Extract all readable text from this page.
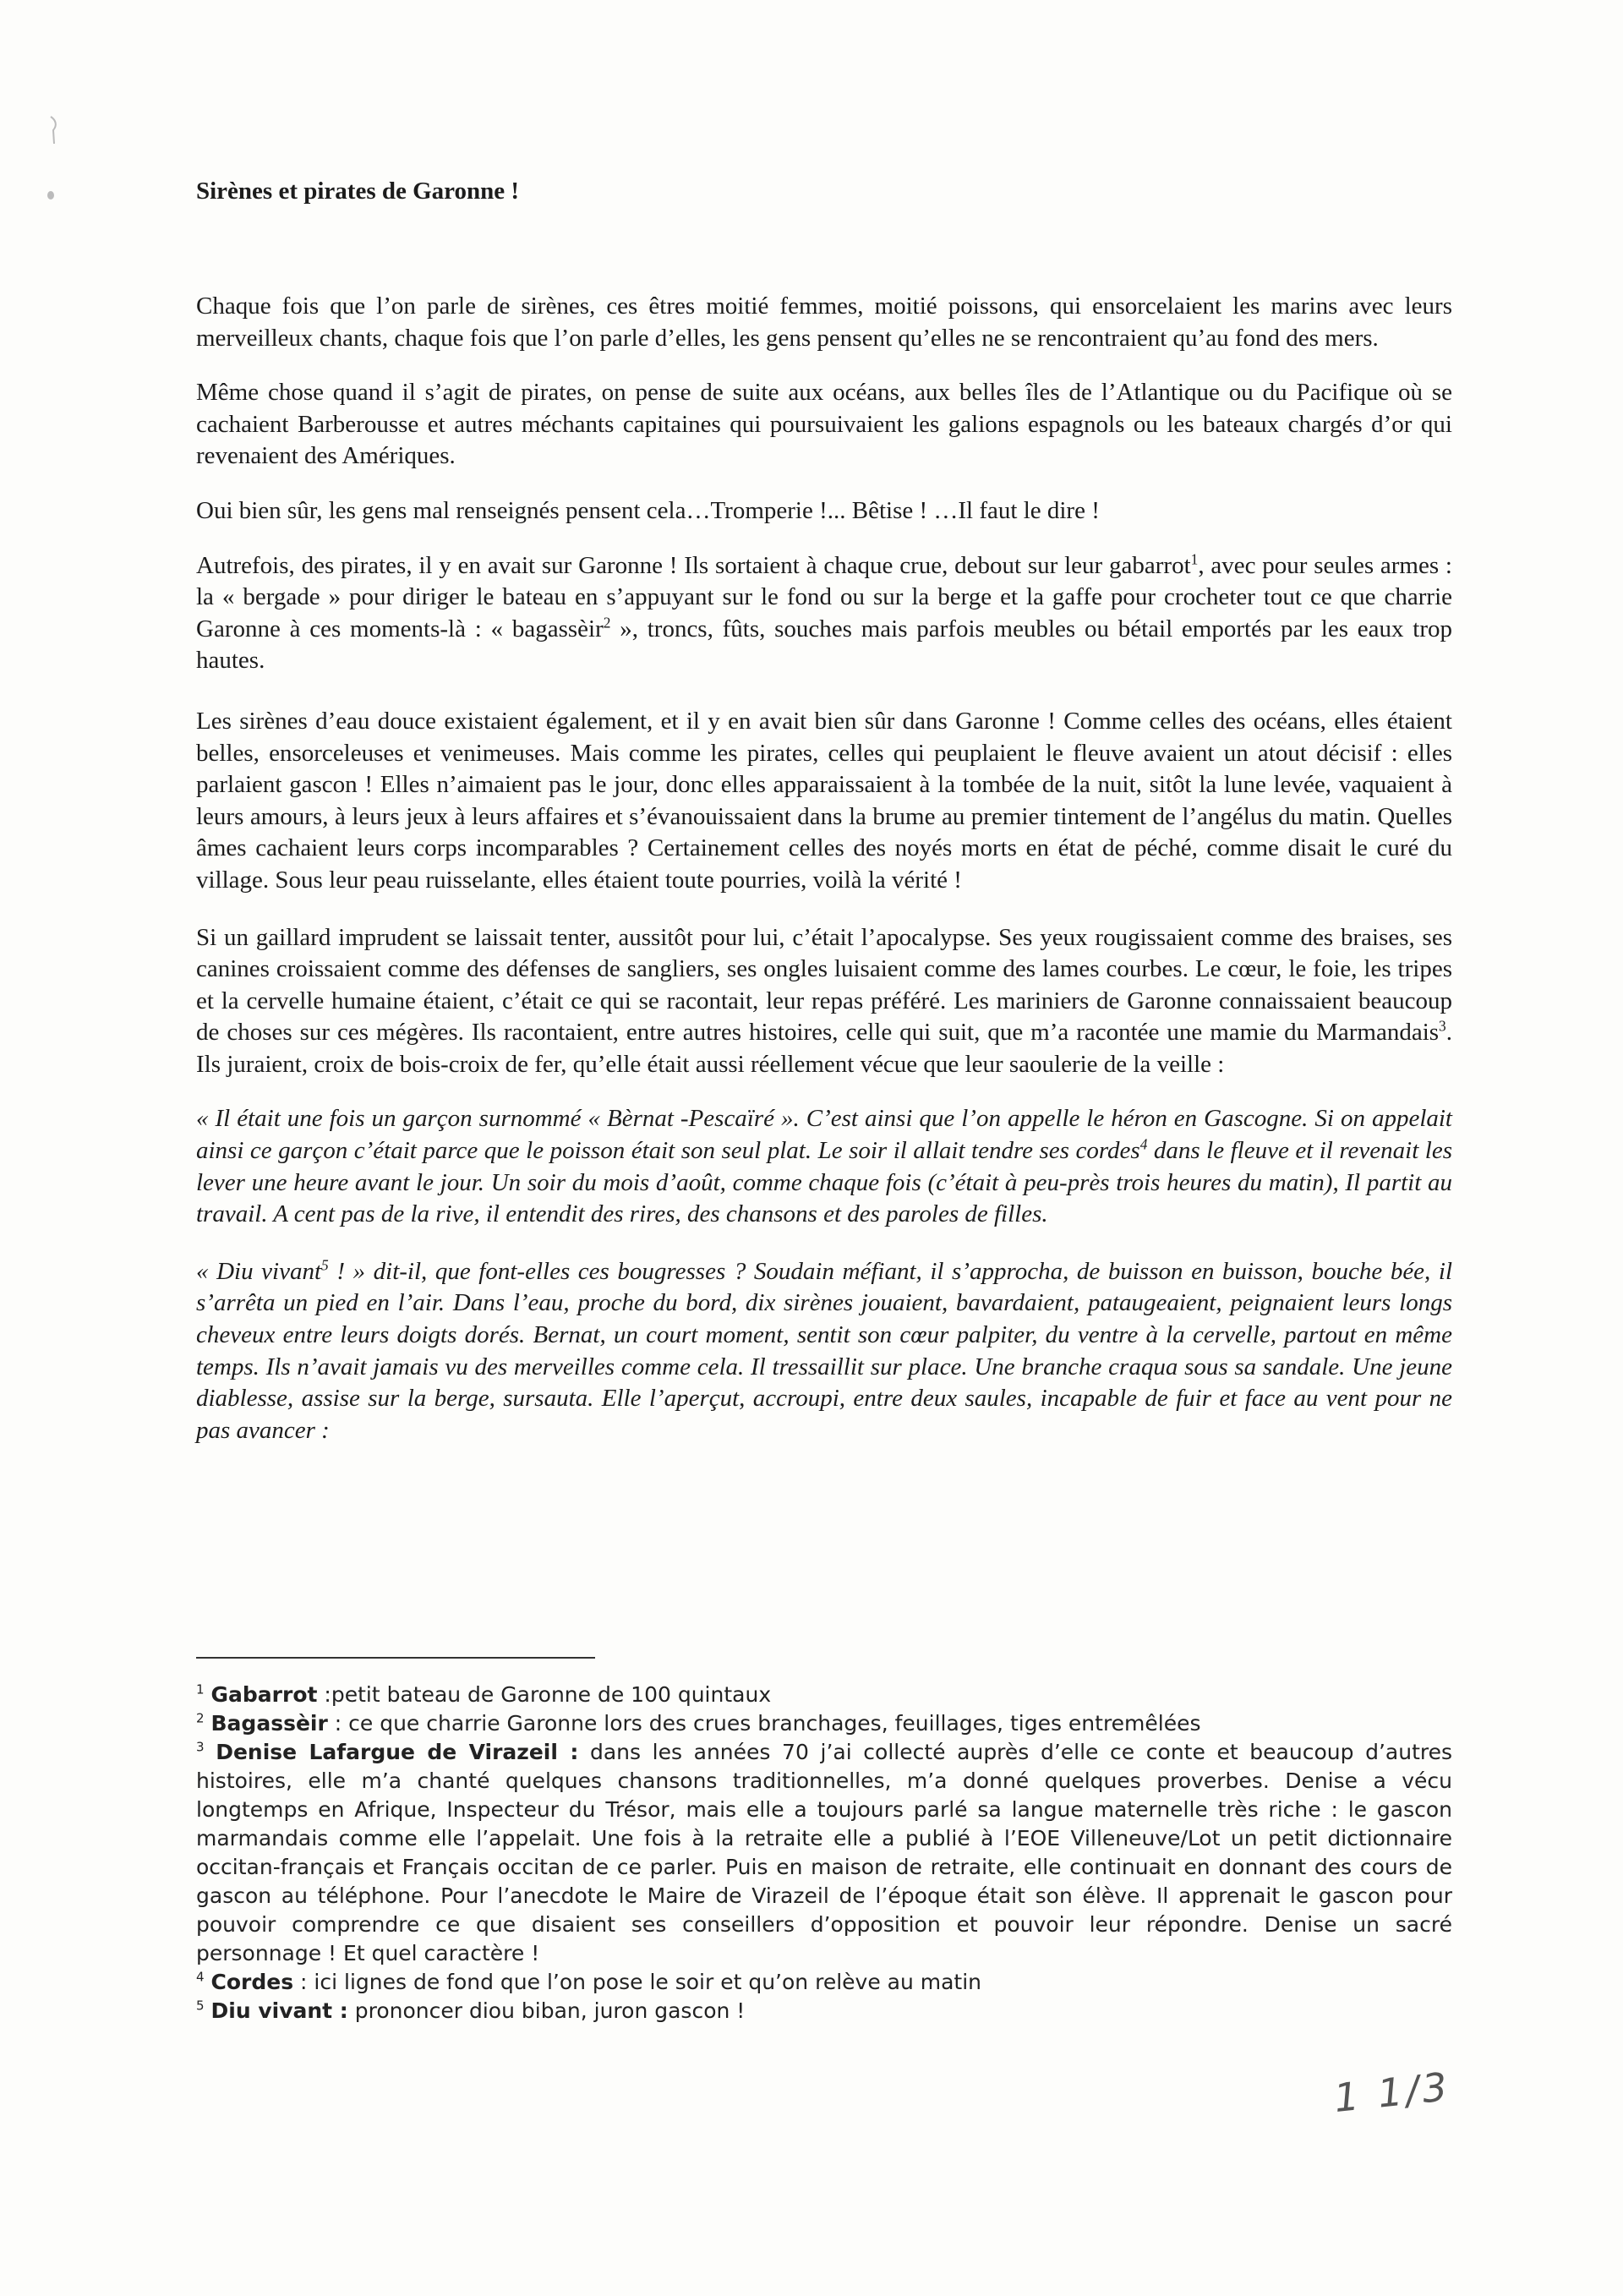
Sirènes et pirates de Garonne !

Chaque fois que l’on parle de sirènes, ces êtres moitié femmes, moitié poissons, qui ensorcelaient les marins avec leurs merveilleux chants, chaque fois que l’on parle d’elles, les gens pensent qu’elles ne se rencontraient qu’au fond des mers.

Même chose quand il s’agit de pirates, on pense de suite aux océans, aux belles îles de l’Atlantique ou du Pacifique où se cachaient Barberousse et autres méchants capitaines qui poursuivaient les galions espagnols ou les bateaux chargés d’or qui revenaient des Amériques.

Oui bien sûr, les gens mal renseignés pensent cela…Tromperie !... Bêtise ! …Il faut le dire !

Autrefois, des pirates, il y en avait sur Garonne ! Ils sortaient à chaque crue, debout sur leur gabarrot$^1$, avec pour seules armes : la « bergade » pour diriger le bateau en s’appuyant sur le fond ou sur la berge et la gaffe pour crocheter tout ce que charrie Garonne à ces moments-là : « bagassèir$^2$ », troncs, fûts, souches mais parfois meubles ou bétail emportés par les eaux trop hautes.

Les sirènes d’eau douce existaient également, et il y en avait bien sûr dans Garonne ! Comme celles des océans, elles étaient belles, ensorceleuses et venimeuses. Mais comme les pirates, celles qui peuplaient le fleuve avaient un atout décisif : elles parlaient gascon ! Elles n’aimaient pas le jour, donc elles apparaissaient à la tombée de la nuit, sitôt la lune levée, vaquaient à leurs amours, à leurs jeux à leurs affaires et s’évanouissaient dans la brume au premier tintement de l’angélus du matin. Quelles âmes cachaient leurs corps incomparables ? Certainement celles des noyés morts en état de péché, comme disait le curé du village. Sous leur peau ruisselante, elles étaient toute pourries, voilà la vérité !

Si un gaillard imprudent se laissait tenter, aussitôt pour lui, c’était l’apocalypse. Ses yeux rougissaient comme des braises, ses canines croissaient comme des défenses de sangliers, ses ongles luisaient comme des lames courbes. Le cœur, le foie, les tripes et la cervelle humaine étaient, c’était ce qui se racontait, leur repas préféré. Les mariniers de Garonne connaissaient beaucoup de choses sur ces mégères. Ils racontaient, entre autres histoires, celle qui suit, que m’a racontée une mamie du Marmandais$^3$. Ils juraient, croix de bois-croix de fer, qu’elle était aussi réellement vécue que leur saoulerie de la veille :

« Il était une fois un garçon surnommé « Bèrnat -Pescaïré ». C’est ainsi que l’on appelle le héron en Gascogne. Si on appelait ainsi ce garçon c’était parce que le poisson était son seul plat. Le soir il allait tendre ses cordes$^4$ dans le fleuve et il revenait les lever une heure avant le jour. Un soir du mois d’août, comme chaque fois (c’était à peu-près trois heures du matin), Il partit au travail. A cent pas de la rive, il entendit des rires, des chansons et des paroles de filles.

« Diu vivant$^5$ ! » dit-il, que font-elles ces bougresses ? Soudain méfiant, il s’approcha, de buisson en buisson, bouche bée, il s’arrêta un pied en l’air. Dans l’eau, proche du bord, dix sirènes jouaient, bavardaient, pataugeaient, peignaient leurs longs cheveux entre leurs doigts dorés. Bernat, un court moment, sentit son cœur palpiter, du ventre à la cervelle, partout en même temps. Ils n’avait jamais vu des merveilles comme cela. Il tressaillit sur place. Une branche craqua sous sa sandale. Une jeune diablesse, assise sur la berge, sursauta. Elle l’aperçut, accroupi, entre deux saules, incapable de fuir et face au vent pour ne pas avancer :

$^1$ Gabarrot :petit bateau de Garonne de 100 quintaux

$^2$ Bagassèir : ce que charrie Garonne lors des crues branchages, feuillages, tiges entremêlées

$^3$ Denise Lafargue de Virazeil : dans les années 70 j’ai collecté auprès d’elle ce conte et beaucoup d’autres histoires, elle m’a chanté quelques chansons traditionnelles, m’a donné quelques proverbes. Denise a vécu longtemps en Afrique, Inspecteur du Trésor, mais elle a toujours parlé sa langue maternelle très riche : le gascon marmandais comme elle l’appelait. Une fois à la retraite elle a publié à l’EOE Villeneuve/Lot un petit dictionnaire occitan-français et Français occitan de ce parler. Puis en maison de retraite, elle continuait en donnant des cours de gascon au téléphone. Pour l’anecdote le Maire de Virazeil de l’époque était son élève. Il apprenait le gascon pour pouvoir comprendre ce que disaient ses conseillers d’opposition et pouvoir leur répondre. Denise un sacré personnage ! Et quel caractère !

$^4$ Cordes : ici lignes de fond que l’on pose le soir et qu’on relève au matin

$^5$ Diu vivant : prononcer diou biban, juron gascon !

1 1/3
